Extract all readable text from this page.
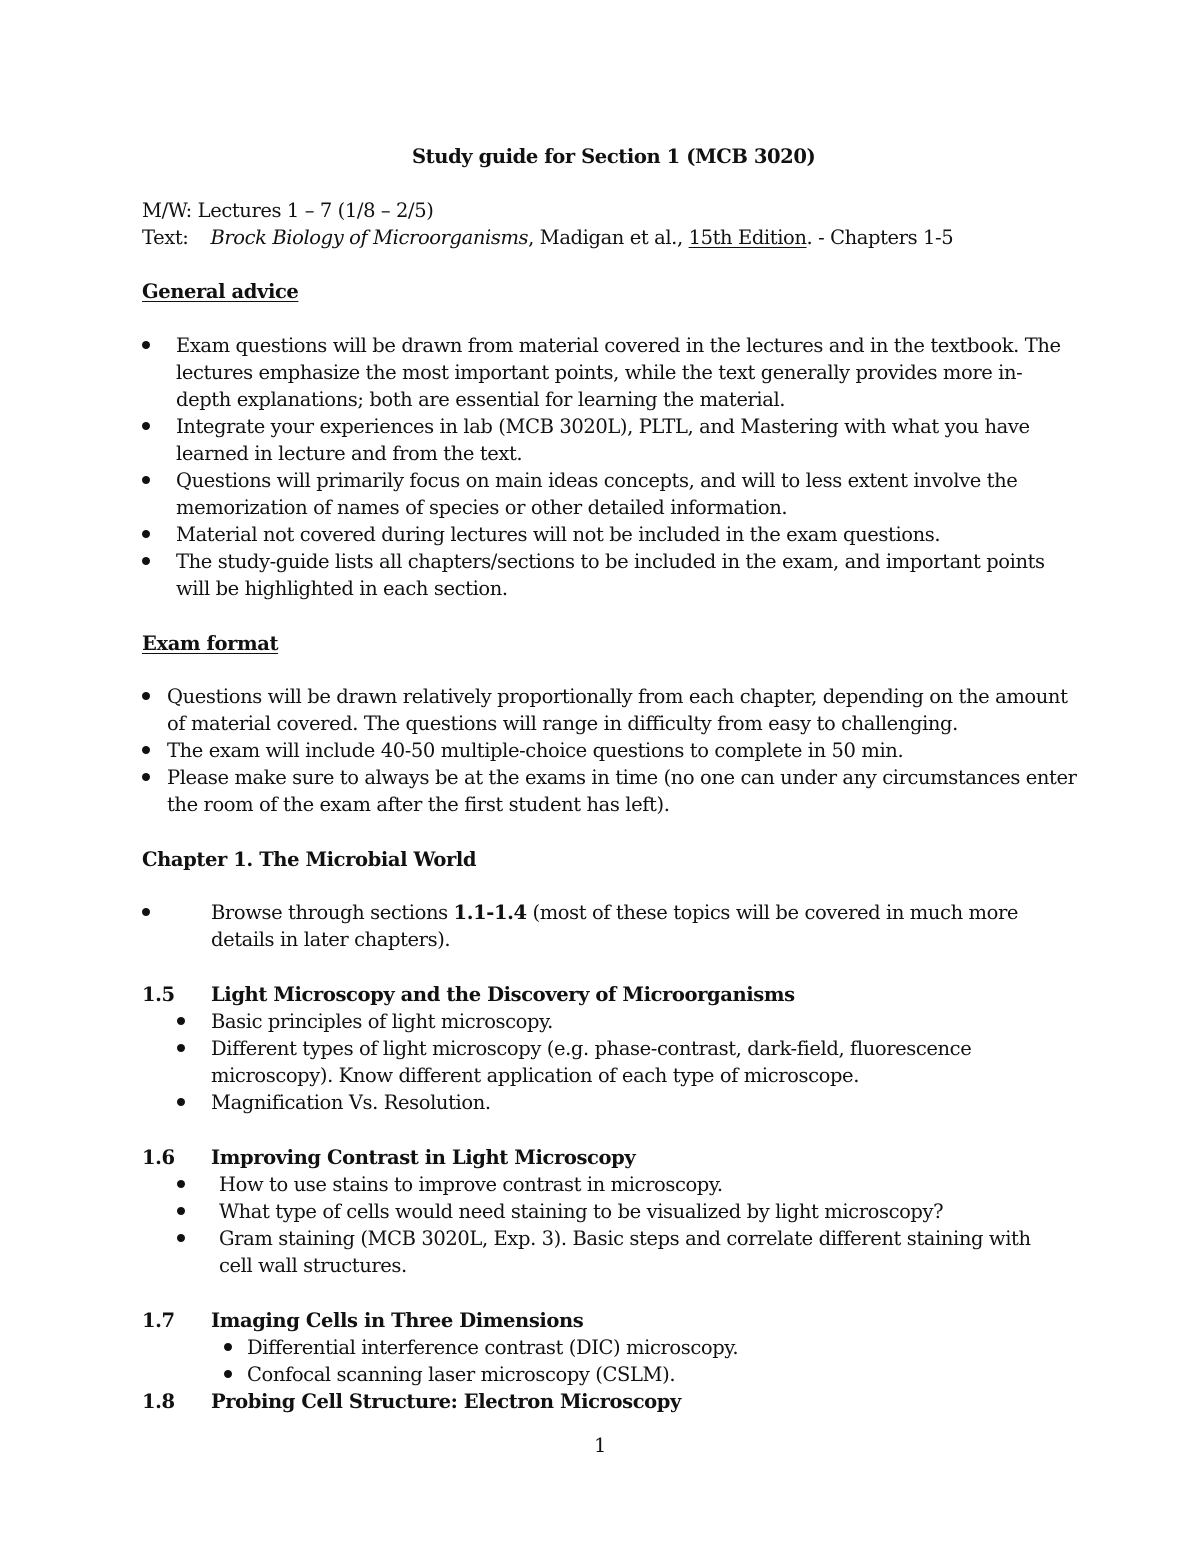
Study guide for Section 1 (MCB 3020)
M/W: Lectures 1 – 7 (1/8 – 2/5)
Text: Brock Biology of Microorganisms, Madigan et al., 15th Edition. - Chapters 1-5
General advice
Exam questions will be drawn from material covered in the lectures and in the textbook. The
lectures emphasize the most important points, while the text generally provides more in-
depth explanations; both are essential for learning the material.
Integrate your experiences in lab (MCB 3020L), PLTL, and Mastering with what you have
learned in lecture and from the text.
Questions will primarily focus on main ideas concepts, and will to less extent involve the
memorization of names of species or other detailed information.
Material not covered during lectures will not be included in the exam questions.
The study-guide lists all chapters/sections to be included in the exam, and important points
will be highlighted in each section.
Exam format
Questions will be drawn relatively proportionally from each chapter, depending on the amount
of material covered. The questions will range in difficulty from easy to challenging.
The exam will include 40-50 multiple-choice questions to complete in 50 min.
Please make sure to always be at the exams in time (no one can under any circumstances enter
the room of the exam after the first student has left).
Chapter 1. The Microbial World
Browse through sections 1.1-1.4 (most of these topics will be covered in much more
details in later chapters).
1.5 Light Microscopy and the Discovery of Microorganisms
Basic principles of light microscopy.
Different types of light microscopy (e.g. phase-contrast, dark-field, fluorescence
microscopy). Know different application of each type of microscope.
Magnification Vs. Resolution.
1.6 Improving Contrast in Light Microscopy
How to use stains to improve contrast in microscopy.
What type of cells would need staining to be visualized by light microscopy?
Gram staining (MCB 3020L, Exp. 3). Basic steps and correlate different staining with
cell wall structures.
1.7 Imaging Cells in Three Dimensions
Differential interference contrast (DIC) microscopy.
Confocal scanning laser microscopy (CSLM).
1.8 Probing Cell Structure: Electron Microscopy
1
